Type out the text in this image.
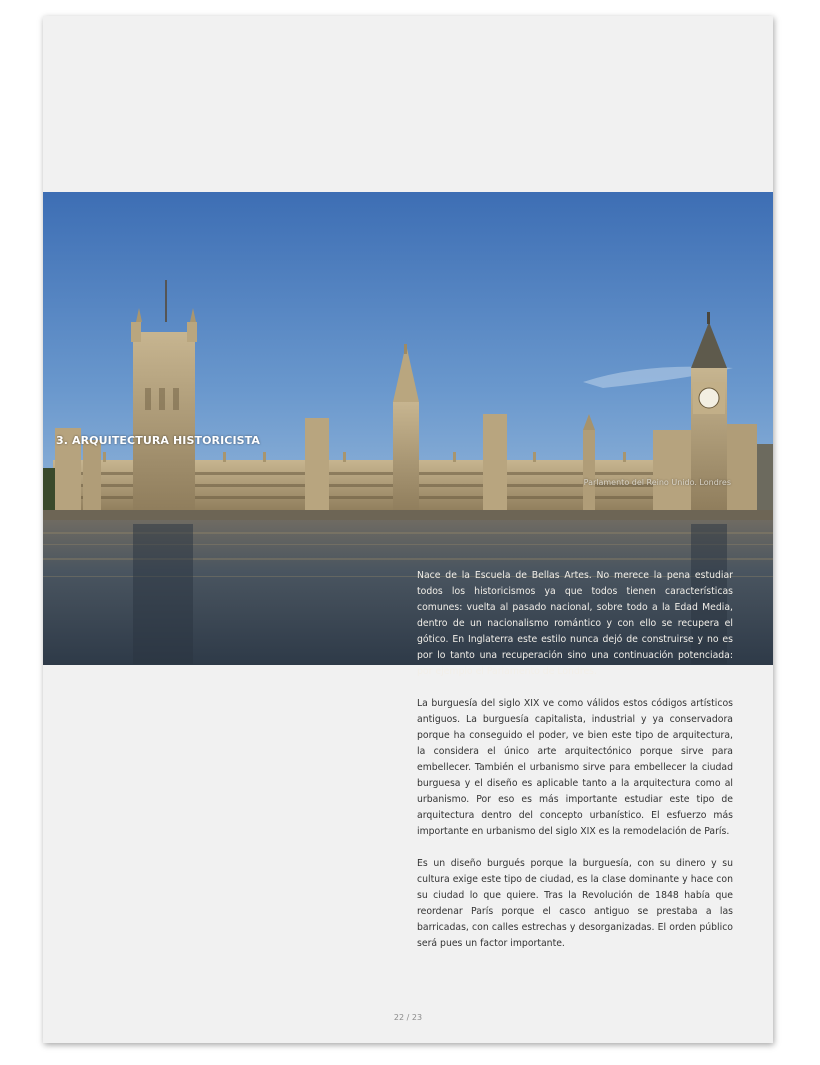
3. ARQUITECTURA HISTORICISTA
Parlamento del Reino Unido. Londres

Nace de la Escuela de Bellas Artes. No merece la pena estudiar todos los historicismos ya que todos tienen características comunes: vuelta al pasado nacional, sobre todo a la Edad Media, dentro de un nacionalismo romántico y con ello se recupera el gótico. En Inglaterra este estilo nunca dejó de construirse y no es por lo tanto una recuperación sino una continuación potenciada: por ejemplo el Parlamento de Londres.

La burguesía del siglo XIX ve como válidos estos códigos artísticos antiguos. La burguesía capitalista, industrial y ya conservadora porque ha conseguido el poder, ve bien este tipo de arquitectura, la considera el único arte arquitectónico porque sirve para embellecer. También el urbanismo sirve para embellecer la ciudad burguesa y el diseño es aplicable tanto a la arquitectura como al urbanismo. Por eso es más importante estudiar este tipo de arquitectura dentro del concepto urbanístico. El esfuerzo más importante en urbanismo del siglo XIX es la remodelación de París.

Es un diseño burgués porque la burguesía, con su dinero y su cultura exige este tipo de ciudad, es la clase dominante y hace con su ciudad lo que quiere. Tras la Revolución de 1848 había que reordenar París porque el casco antiguo se prestaba a las barricadas, con calles estrechas y desorganizadas. El orden público será pues un factor importante.

22 / 23
